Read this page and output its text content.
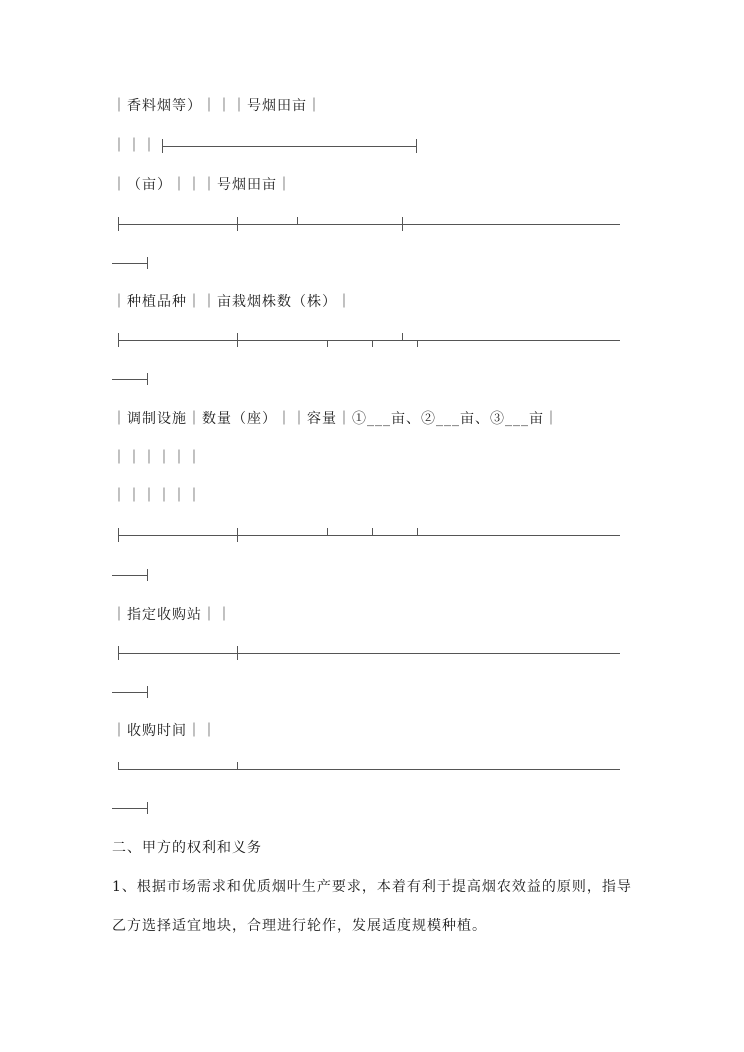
｜香料烟等）｜｜｜号烟田亩｜
｜｜｜
｜（亩）｜｜｜号烟田亩｜
｜种植品种｜｜亩栽烟株数（株）｜
｜调制设施｜数量（座）｜｜容量｜①___亩、②___亩、③___亩｜
｜｜｜｜｜｜
｜｜｜｜｜｜
｜指定收购站｜｜
｜收购时间｜｜
二、甲方的权利和义务
1、根据市场需求和优质烟叶生产要求，本着有利于提高烟农效益的原则，指导
乙方选择适宜地块，合理进行轮作，发展适度规模种植。
